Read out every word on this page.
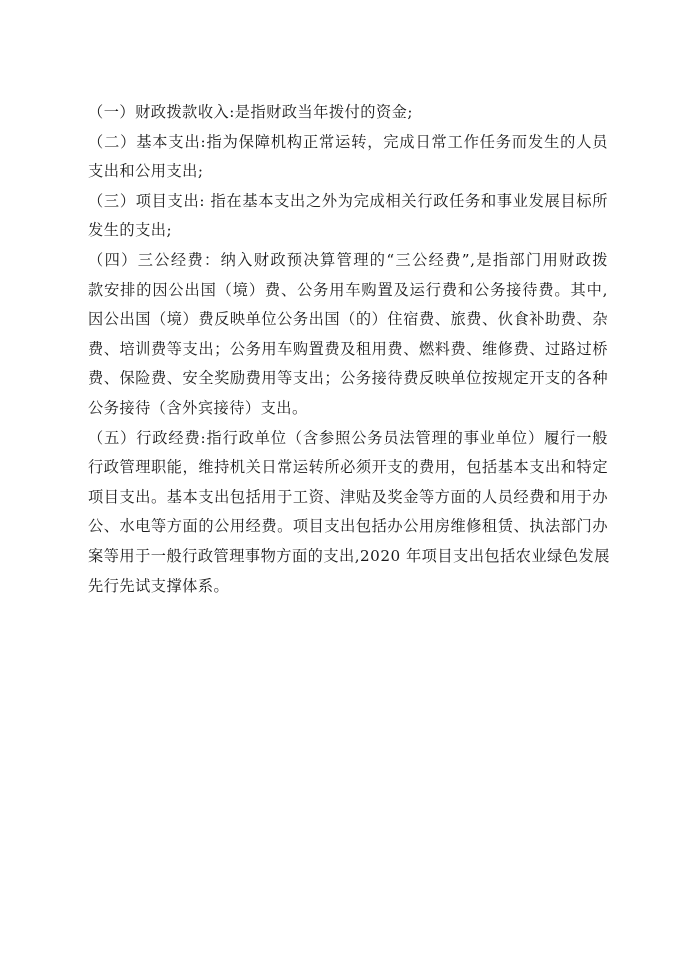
（一）财政拨款收入:是指财政当年拨付的资金;
（二）基本支出:指为保障机构正常运转，完成日常工作任务而发生的人员
支出和公用支出;
（三）项目支出: 指在基本支出之外为完成相关行政任务和事业发展目标所
发生的支出;
（四）三公经费：纳入财政预决算管理的“三公经费”,是指部门用财政拨
款安排的因公出国（境）费、公务用车购置及运行费和公务接待费。其中,
因公出国（境）费反映单位公务出国（的）住宿费、旅费、伙食补助费、杂
费、培训费等支出；公务用车购置费及租用费、燃料费、维修费、过路过桥
费、保险费、安全奖励费用等支出；公务接待费反映单位按规定开支的各种
公务接待（含外宾接待）支出。
（五）行政经费:指行政单位（含参照公务员法管理的事业单位）履行一般
行政管理职能，维持机关日常运转所必须开支的费用，包括基本支出和特定
项目支出。基本支出包括用于工资、津贴及奖金等方面的人员经费和用于办
公、水电等方面的公用经费。项目支出包括办公用房维修租赁、执法部门办
案等用于一般行政管理事物方面的支出,2020 年项目支出包括农业绿色发展
先行先试支撑体系。
